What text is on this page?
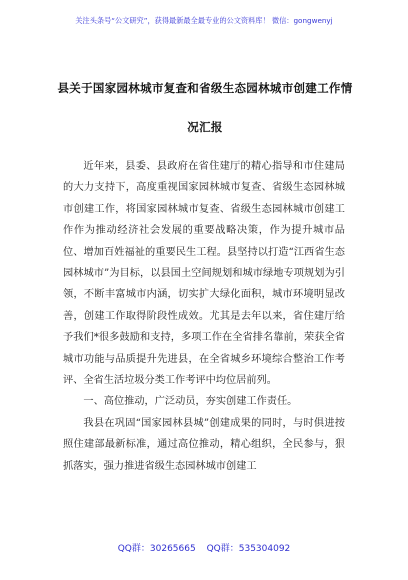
关注头条号“公文研究”，获得最新最全最专业的公文资料库！ 微信：gongwenyj
县关于国家园林城市复查和省级生态园林城市创建工作情
况汇报

近年来，县委、县政府在省住建厅的精心指导和市住建局的大力支持下，高度重视国家园林城市复查、省级生态园林城市创建工作，将国家园林城市复查、省级生态园林城市创建工作作为推动经济社会发展的重要战略决策，作为提升城市品位、增加百姓福祉的重要民生工程。县坚持以打造“江西省生态园林城市”为目标，以县国土空间规划和城市绿地专项规划为引领，不断丰富城市内涵，切实扩大绿化面积，城市环境明显改善，创建工作取得阶段性成效。尤其是去年以来，省住建厅给予我们*很多鼓励和支持，多项工作在全省排名靠前，荣获全省城市功能与品质提升先进县，在全省城乡环境综合整治工作考评、全省生活垃圾分类工作考评中均位居前列。

一、高位推动，广泛动员，夯实创建工作责任。

我县在巩固“国家园林县城”创建成果的同时，与时俱进按照住建部最新标准，通过高位推动，精心组织，全民参与，狠抓落实，强力推进省级生态园林城市创建工

QQ群：30265665 QQ群：535304092
